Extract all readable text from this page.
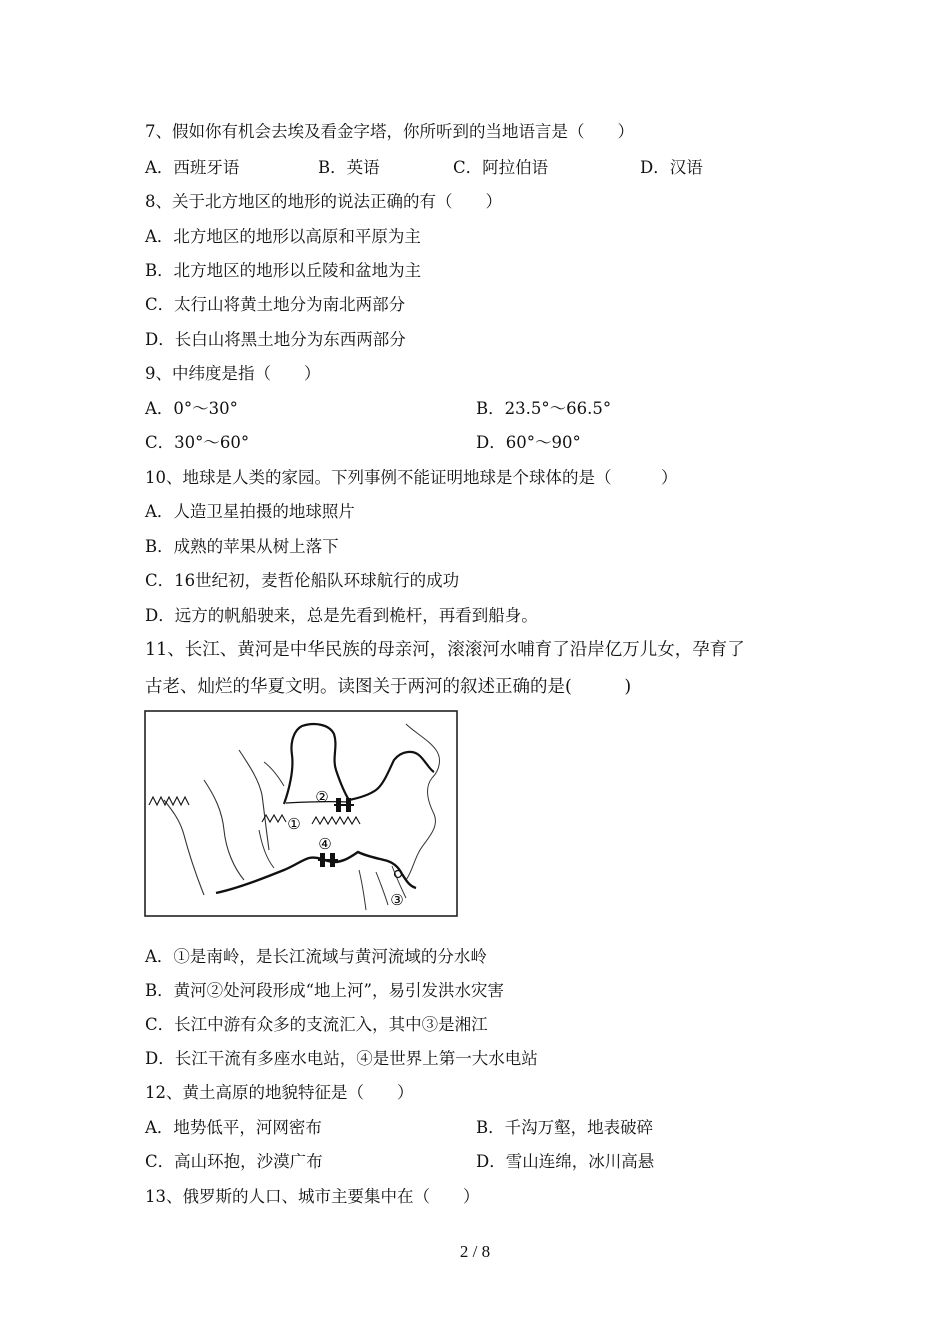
7、假如你有机会去埃及看金字塔，你所听到的当地语言是（　　）
A．西班牙语	B．英语	C．阿拉伯语	D．汉语
8、关于北方地区的地形的说法正确的有（　　）
A．北方地区的地形以高原和平原为主
B．北方地区的地形以丘陵和盆地为主
C．太行山将黄土地分为南北两部分
D．长白山将黑土地分为东西两部分
9、中纬度是指（　　）
A．0°～30°	B．23.5°～66.5°
C．30°～60°	D．60°～90°
10、地球是人类的家园。下列事例不能证明地球是个球体的是（　　　）
A．人造卫星拍摄的地球照片
B．成熟的苹果从树上落下
C．16世纪初，麦哲伦船队环球航行的成功
D．远方的帆船驶来，总是先看到桅杆，再看到船身。
11、长江、黄河是中华民族的母亲河，滚滚河水哺育了沿岸亿万儿女，孕育了
古老、灿烂的华夏文明。读图关于两河的叙述正确的是(　　　)
②
①
④
③
A．①是南岭，是长江流域与黄河流域的分水岭
B．黄河②处河段形成“地上河”，易引发洪水灾害
C．长江中游有众多的支流汇入，其中③是湘江
D．长江干流有多座水电站，④是世界上第一大水电站
12、黄土高原的地貌特征是（　　）
A．地势低平，河网密布	B．千沟万壑，地表破碎
C．高山环抱，沙漠广布	D．雪山连绵，冰川高悬
13、俄罗斯的人口、城市主要集中在（　　）
2 / 8
